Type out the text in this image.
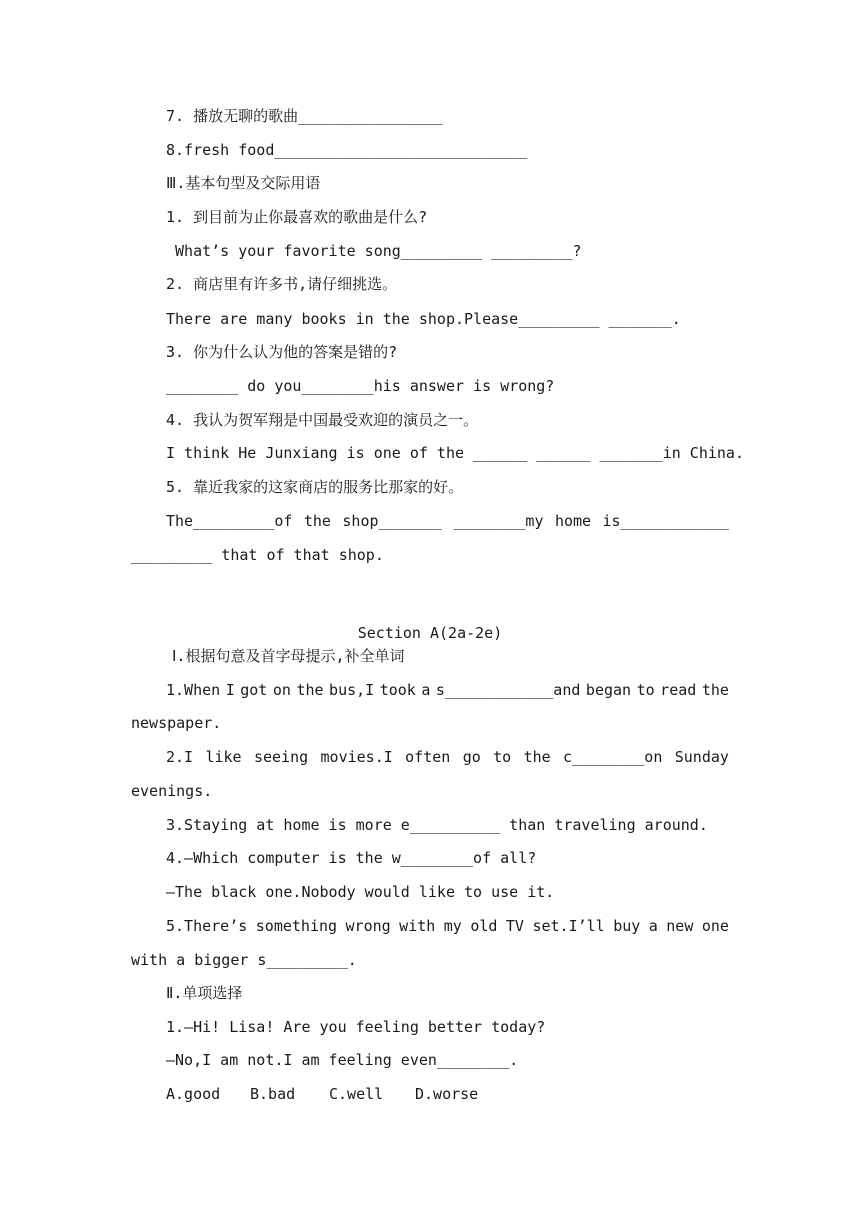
7. 播放无聊的歌曲________________
8.fresh food____________________________
Ⅲ.基本句型及交际用语
1. 到目前为止你最喜欢的歌曲是什么?
What’s your favorite song_________ _________?
2. 商店里有许多书,请仔细挑选。
There are many books in the shop.Please_________ _______.
3. 你为什么认为他的答案是错的?
________ do you________his answer is wrong?
4. 我认为贺军翔是中国最受欢迎的演员之一。
I think He Junxiang is one of the ______ ______ _______in China.
5. 靠近我家的这家商店的服务比那家的好。
The_________of the shop_______ ________my home is____________
_________ that of that shop.
Section A(2a-2e)
Ⅰ.根据句意及首字母提示,补全单词
1.When I got on the bus,I took a s____________and began to read the
newspaper.
2.I like seeing movies.I often go to the c________on Sunday
evenings.
3.Staying at home is more e__________ than traveling around.
4.—Which computer is the w________of all?
—The black one.Nobody would like to use it.
5.There’s something wrong with my old TV set.I’ll buy a new one
with a bigger s_________.
Ⅱ.单项选择
1.—Hi! Lisa! Are you feeling better today?
—No,I am not.I am feeling even________.
A.good B.bad C.well D.worse
